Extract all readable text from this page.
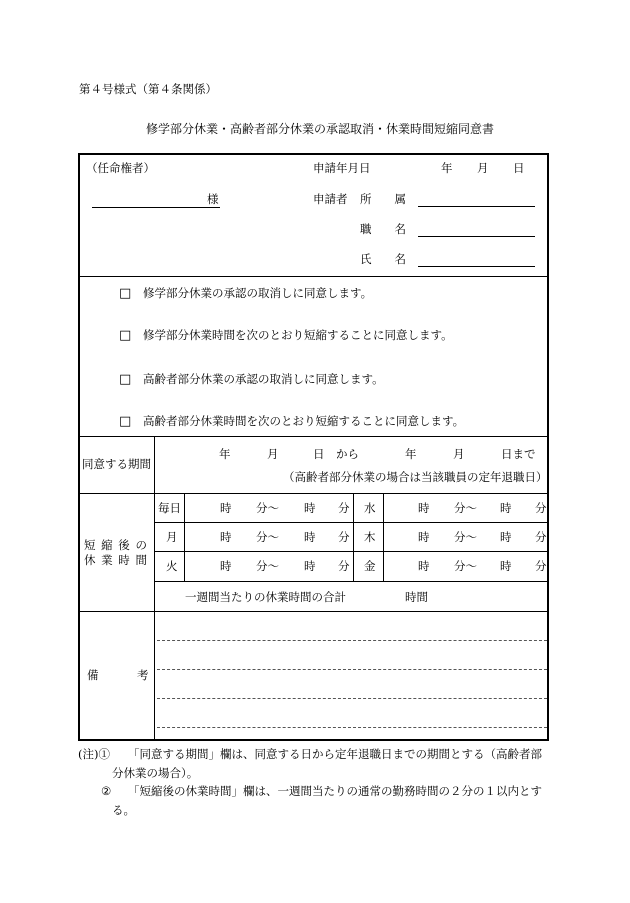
第４号様式（第４条関係）
修学部分休業・高齢者部分休業の承認取消・休業時間短縮同意書
（任命権者）
様
申請年月日	年 月 日
申請者 所　　属
職　　名
氏　　名
□ 修学部分休業の承認の取消しに同意します。
□ 修学部分休業時間を次のとおり短縮することに同意します。
□ 高齢者部分休業の承認の取消しに同意します。
□ 高齢者部分休業時間を次のとおり短縮することに同意します。
同意する期間
年	月	日　から	年	月	日まで
（高齢者部分休業の場合は当該職員の定年退職日）
短 縮 後 の
休 業 時 間
毎日	時 分～ 時 分 水	時 分～ 時 分
月	時 分～ 時 分 木	時 分～ 時 分
火	時 分～ 時 分 金	時 分～ 時 分
一週間当たりの休業時間の合計	時間
備	考
(注)① 「同意する期間」欄は、同意する日から定年退職日までの期間とする（高齢者部
分休業の場合）。
② 「短縮後の休業時間」欄は、一週間当たりの通常の勤務時間の２分の１以内とす
る。
